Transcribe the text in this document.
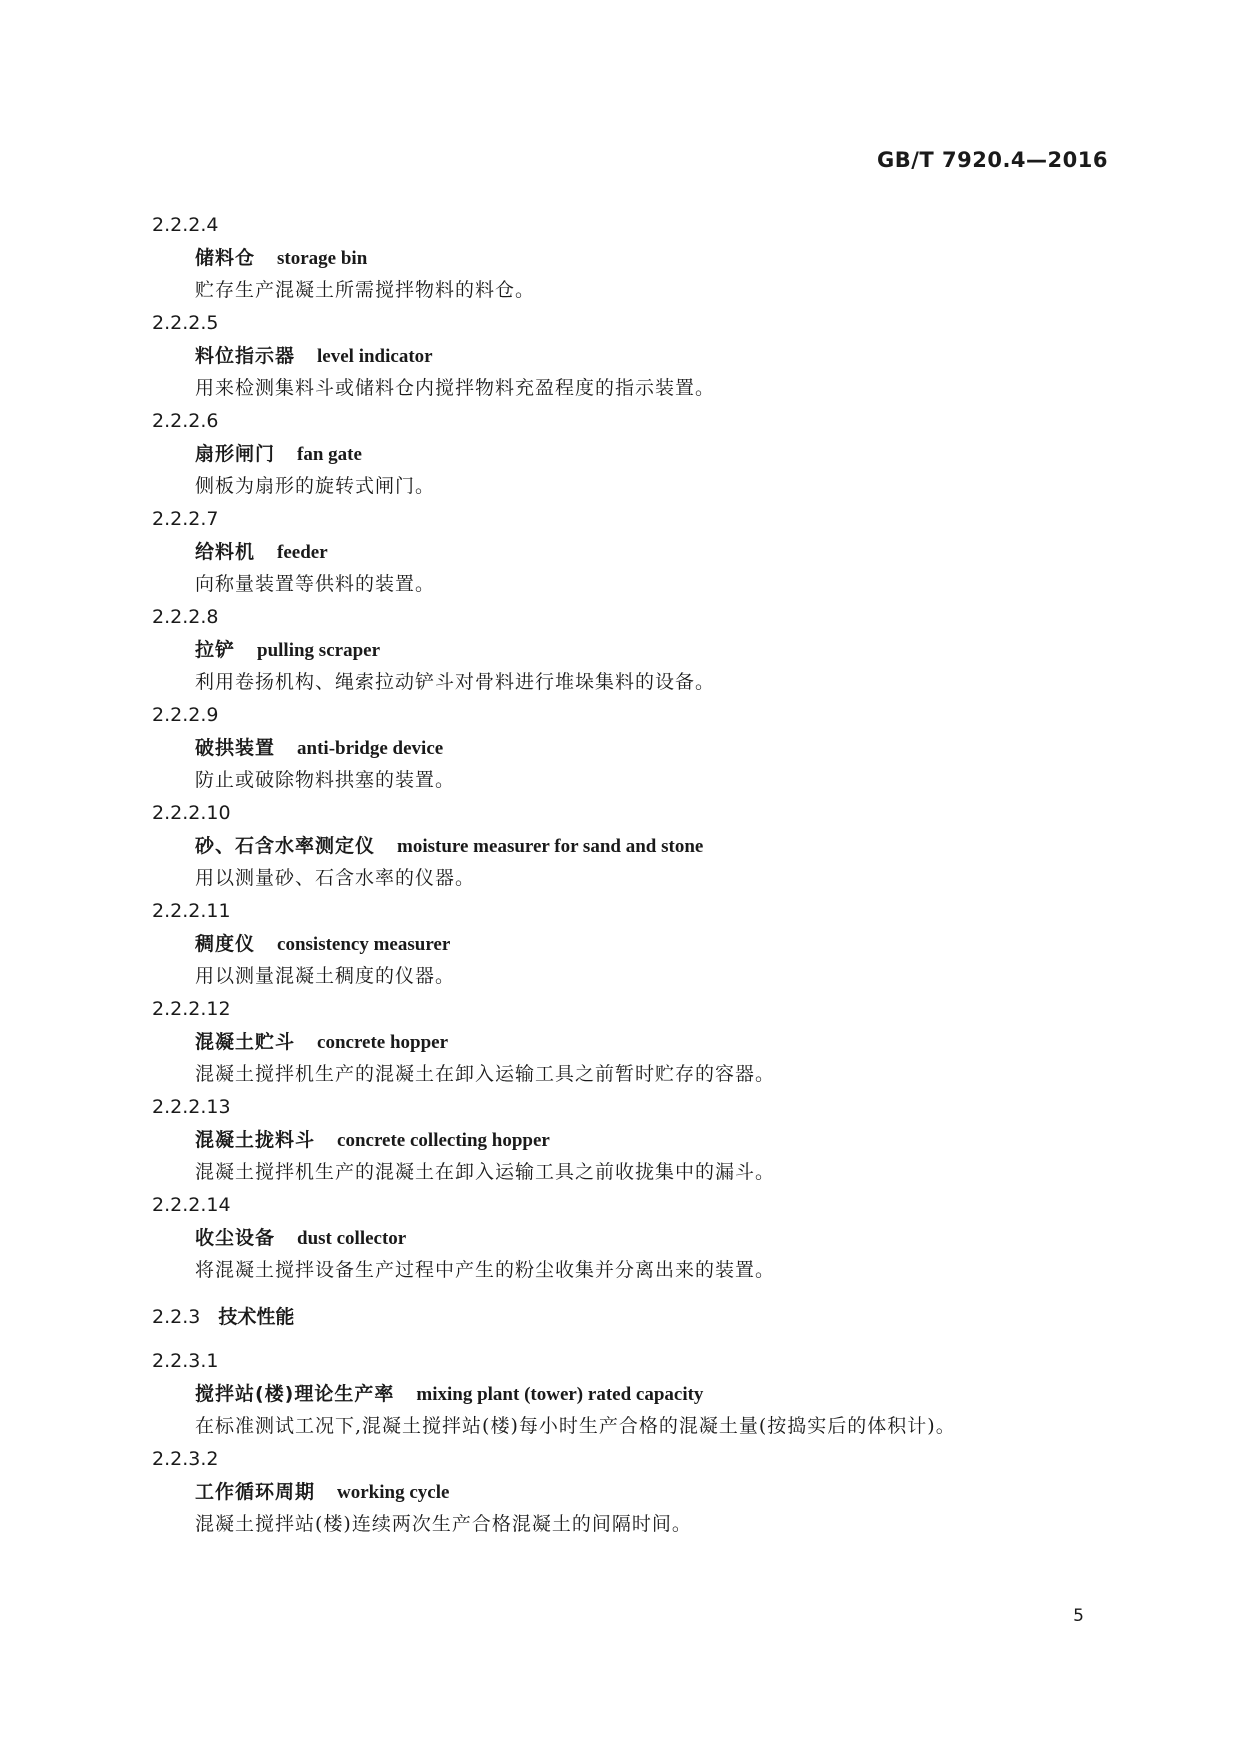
GB/T 7920.4—2016
2.2.2.4
储料仓 storage bin
贮存生产混凝土所需搅拌物料的料仓。
2.2.2.5
料位指示器 level indicator
用来检测集料斗或储料仓内搅拌物料充盈程度的指示装置。
2.2.2.6
扇形闸门 fan gate
侧板为扇形的旋转式闸门。
2.2.2.7
给料机 feeder
向称量装置等供料的装置。
2.2.2.8
拉铲 pulling scraper
利用卷扬机构、绳索拉动铲斗对骨料进行堆垛集料的设备。
2.2.2.9
破拱装置 anti-bridge device
防止或破除物料拱塞的装置。
2.2.2.10
砂、石含水率测定仪 moisture measurer for sand and stone
用以测量砂、石含水率的仪器。
2.2.2.11
稠度仪 consistency measurer
用以测量混凝土稠度的仪器。
2.2.2.12
混凝土贮斗 concrete hopper
混凝土搅拌机生产的混凝土在卸入运输工具之前暂时贮存的容器。
2.2.2.13
混凝土拢料斗 concrete collecting hopper
混凝土搅拌机生产的混凝土在卸入运输工具之前收拢集中的漏斗。
2.2.2.14
收尘设备 dust collector
将混凝土搅拌设备生产过程中产生的粉尘收集并分离出来的装置。
2.2.3 技术性能
2.2.3.1
搅拌站(楼)理论生产率 mixing plant (tower) rated capacity
在标准测试工况下,混凝土搅拌站(楼)每小时生产合格的混凝土量(按捣实后的体积计)。
2.2.3.2
工作循环周期 working cycle
混凝土搅拌站(楼)连续两次生产合格混凝土的间隔时间。
5
